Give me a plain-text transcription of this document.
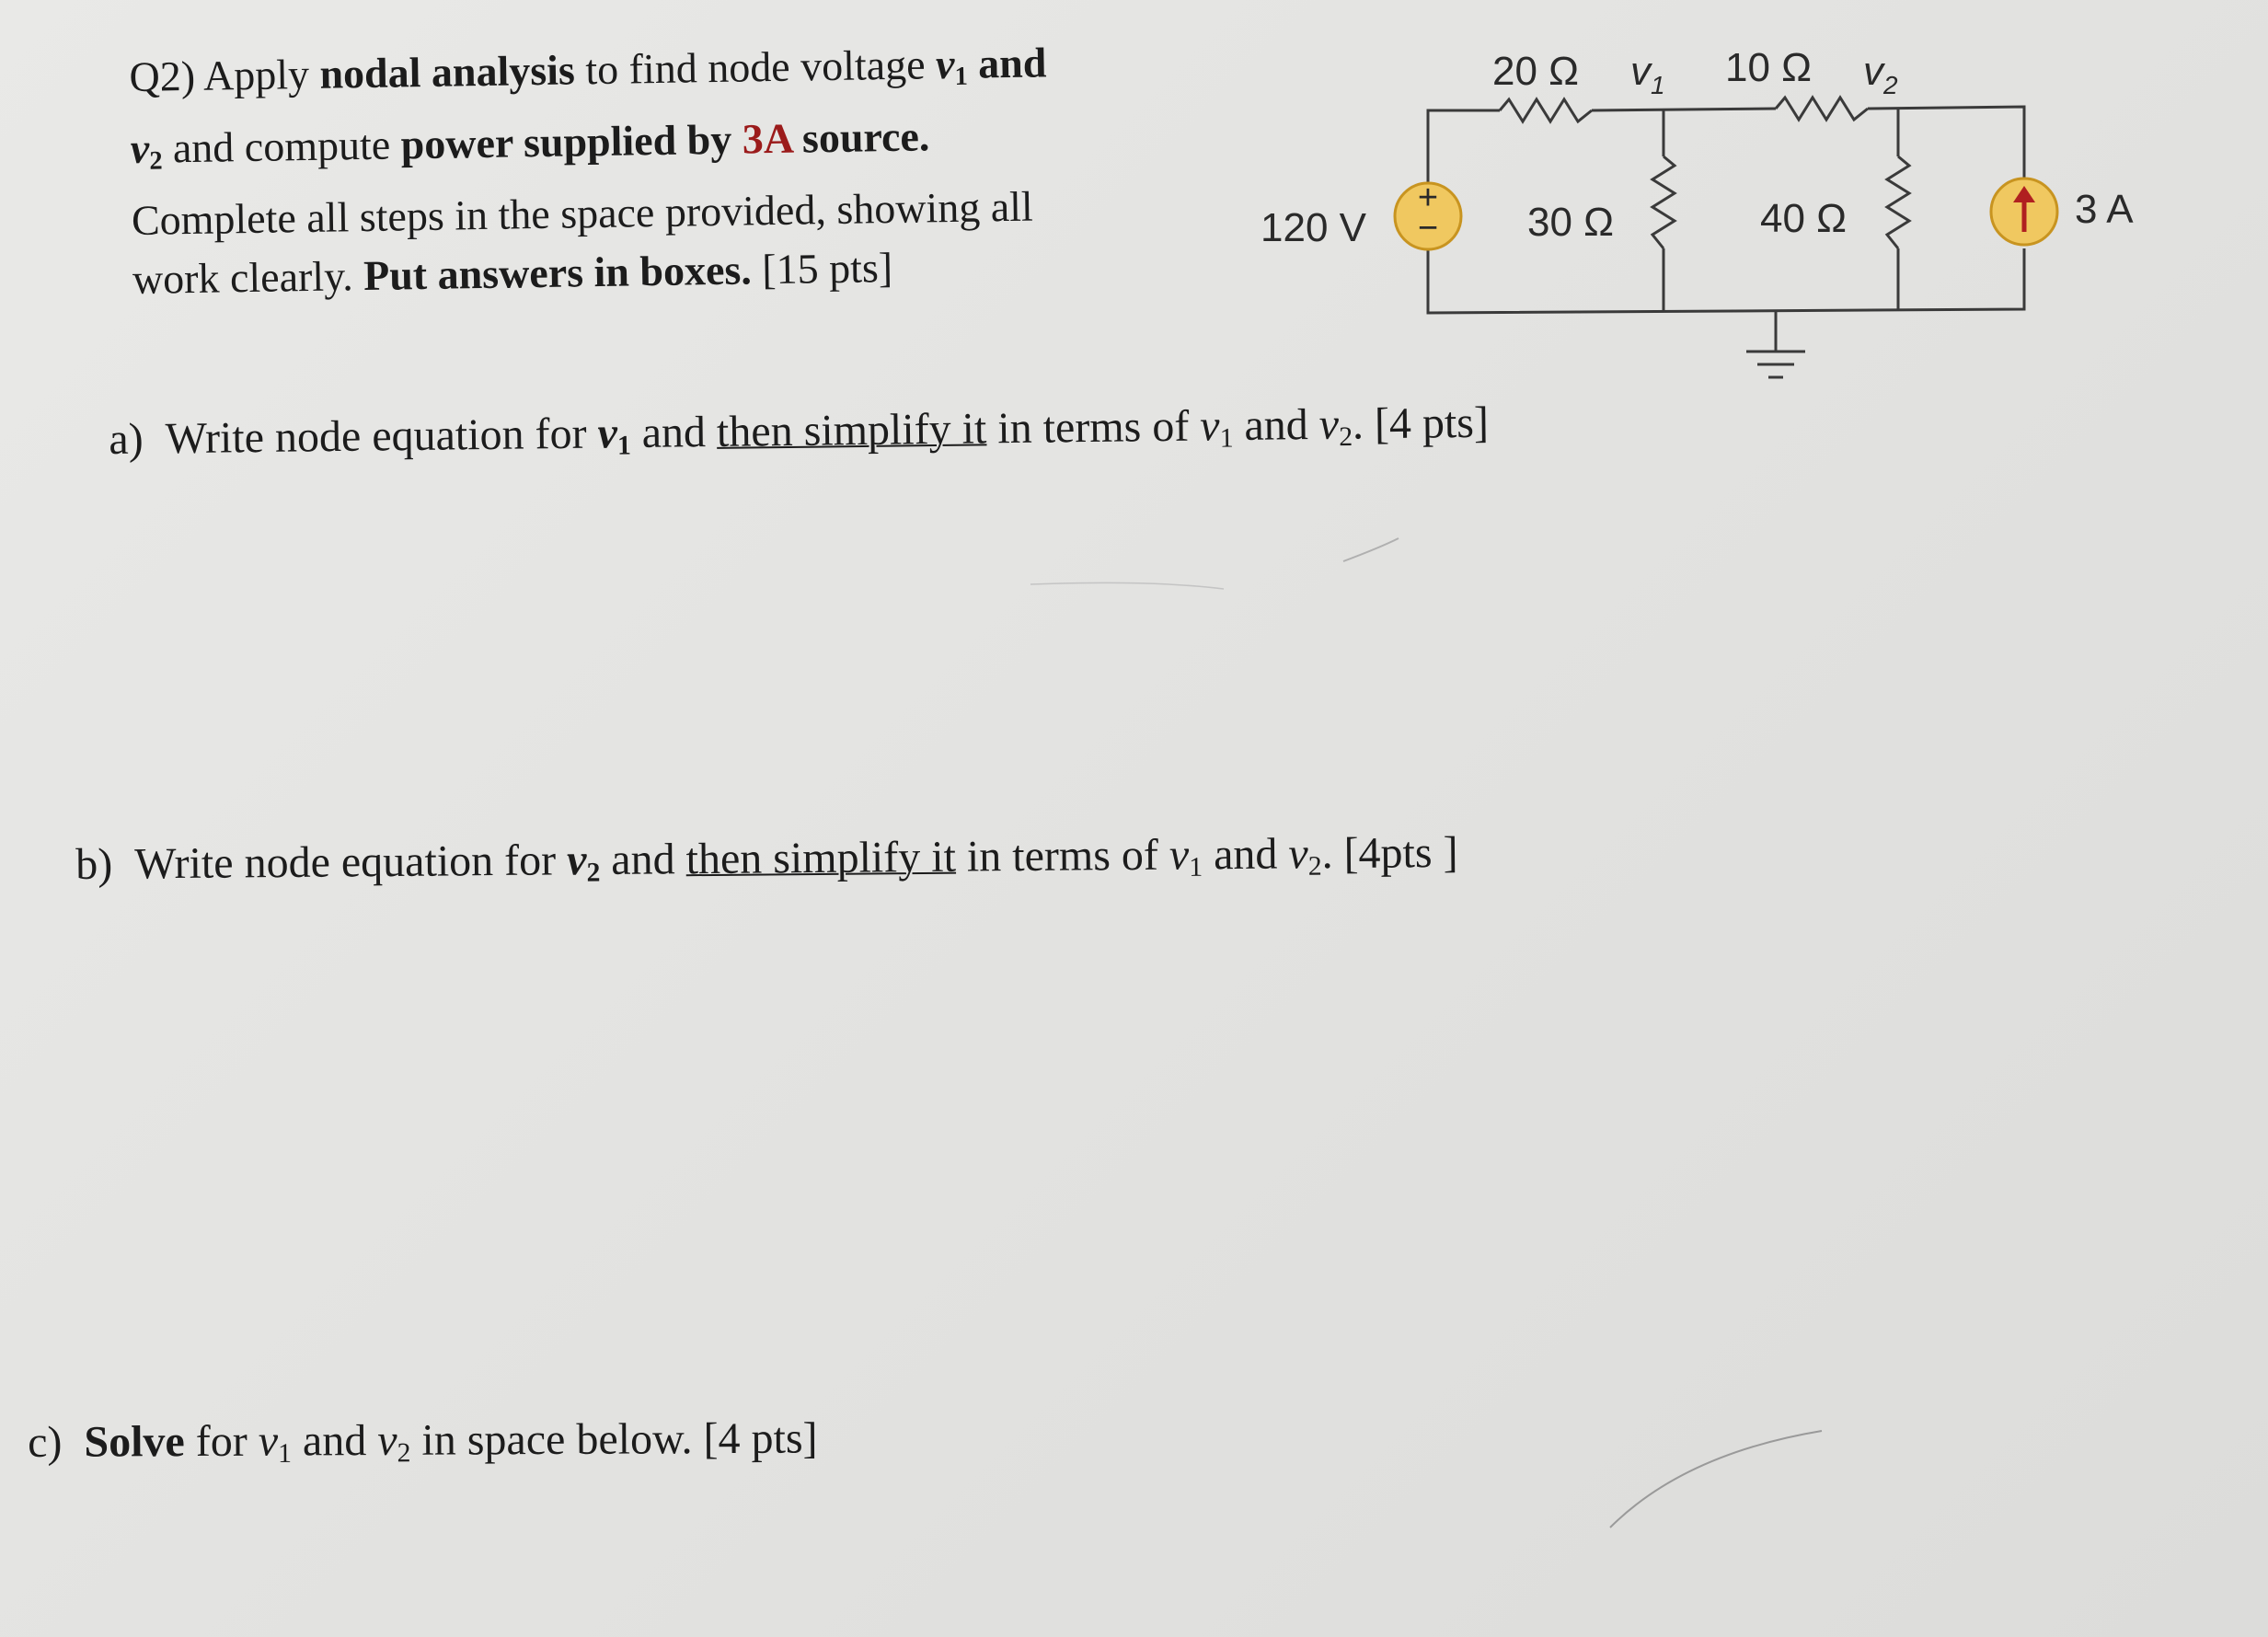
Q2) Apply nodal analysis to find node voltage $v_1$ and
$v_2$ and compute power supplied by 3A source.
Complete all steps in the space provided, showing all
work clearly. Put answers in boxes. [15 pts]
+
−
20 Ω	10 Ω
30 Ω	40 Ω
120 V	3 A
$v_1$	$v_2$
a) Write node equation for $v_1$ and then simplify it in terms of $v_1$ and $v_2$. [4 pts]
b) Write node equation for $v_2$ and then simplify it in terms of $v_1$ and $v_2$. [4pts ]
c) Solve for $v_1$ and $v_2$ in space below. [4 pts]
